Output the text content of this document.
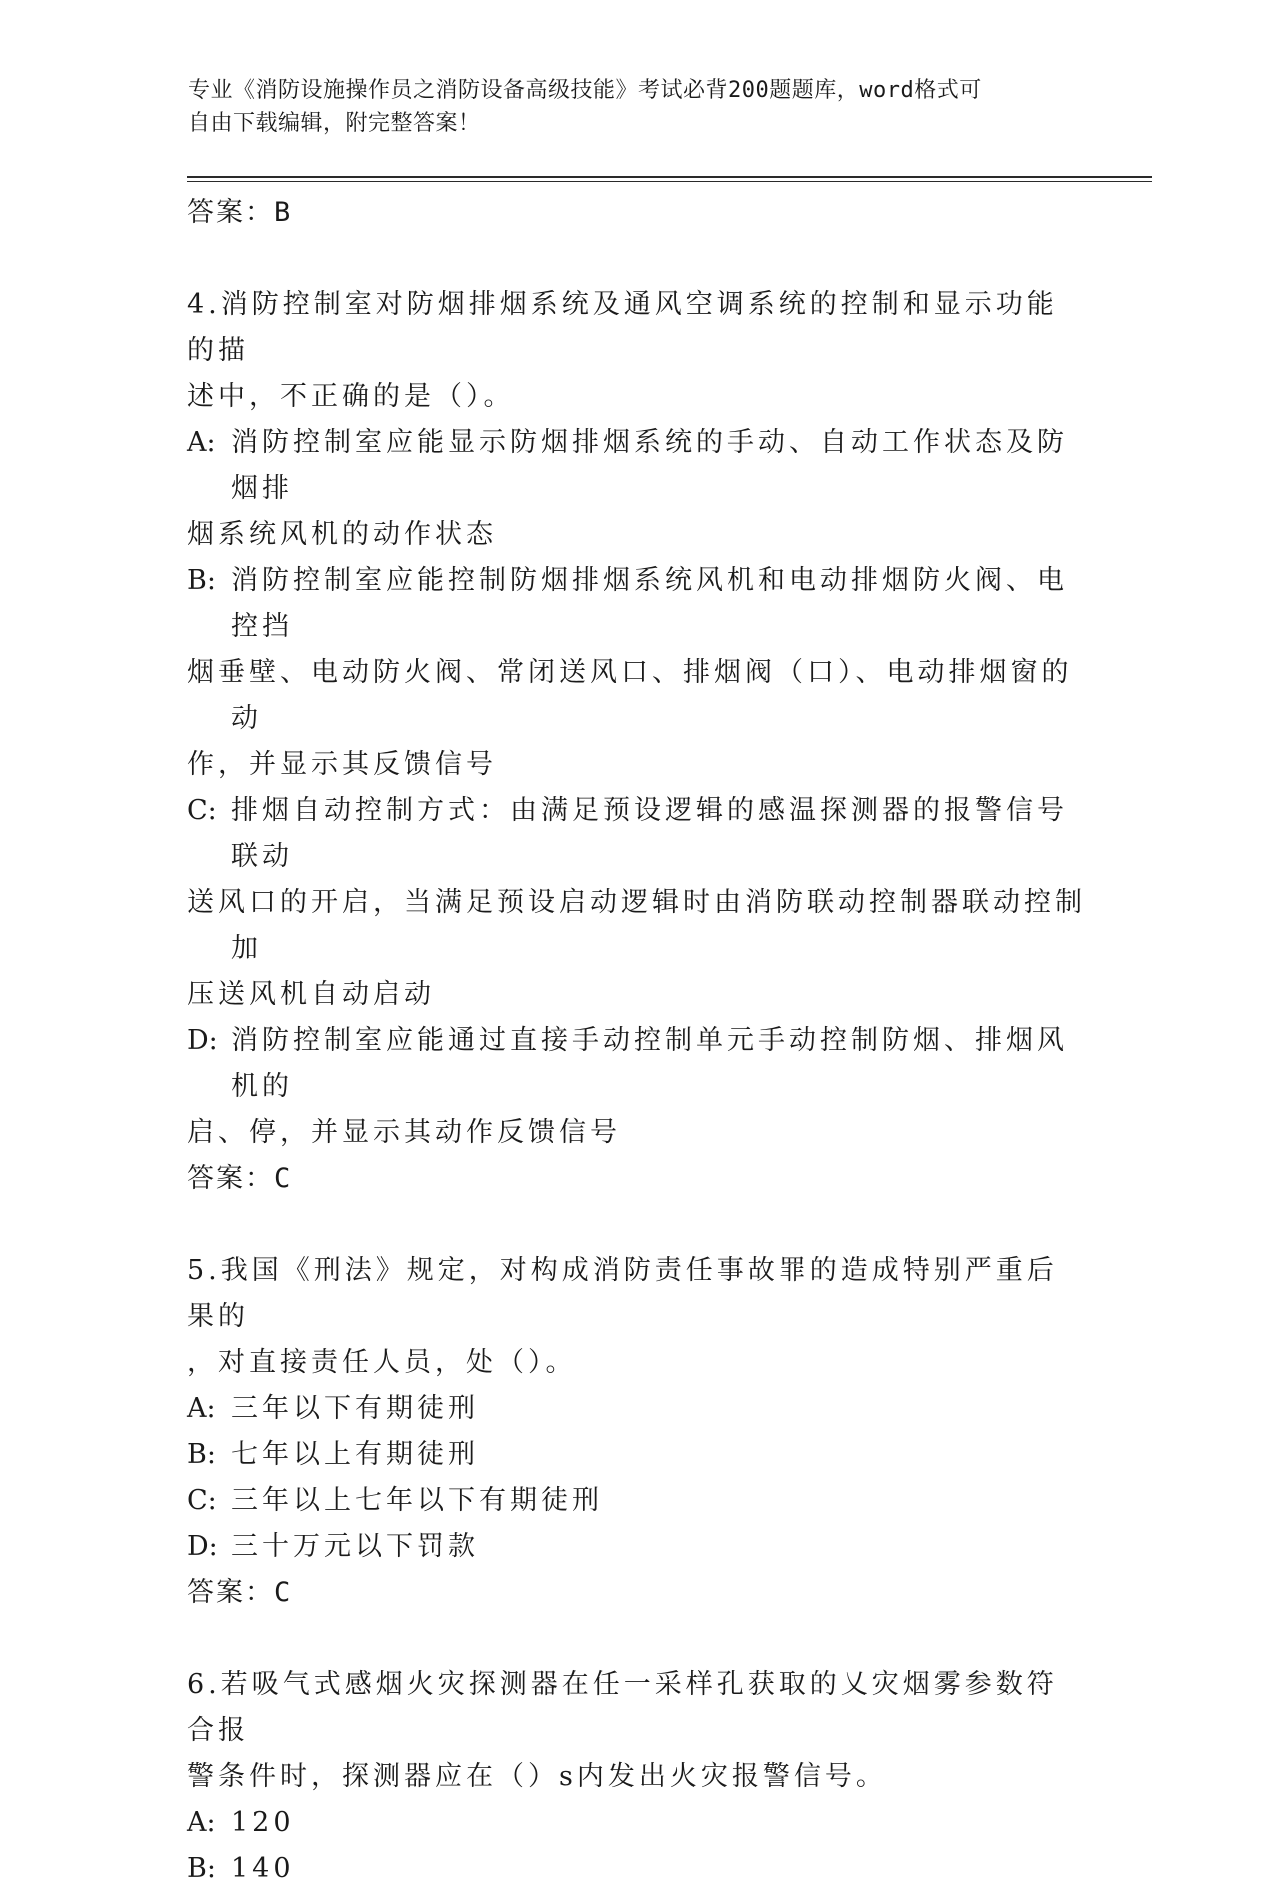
专业《消防设施操作员之消防设备高级技能》考试必背200题题库，word格式可
自由下载编辑，附完整答案！

答案：B

4.消防控制室对防烟排烟系统及通风空调系统的控制和显示功能的描
述中，不正确的是（）。

A: 消防控制室应能显示防烟排烟系统的手动、自动工作状态及防烟排
烟系统风机的动作状态
B: 消防控制室应能控制防烟排烟系统风机和电动排烟防火阀、电控挡
烟垂壁、电动防火阀、常闭送风口、排烟阀（口）、电动排烟窗的动
作，并显示其反馈信号
C: 排烟自动控制方式：由满足预设逻辑的感温探测器的报警信号联动
送风口的开启，当满足预设启动逻辑时由消防联动控制器联动控制加
压送风机自动启动
D: 消防控制室应能通过直接手动控制单元手动控制防烟、排烟风机的
启、停，并显示其动作反馈信号

答案：C

5.我国《刑法》规定，对构成消防责任事故罪的造成特别严重后果的
，对直接责任人员，处（）。

A: 三年以下有期徒刑
B: 七年以上有期徒刑
C: 三年以上七年以下有期徒刑
D: 三十万元以下罚款

答案：C

6.若吸气式感烟火灾探测器在任一采样孔获取的乂灾烟雾参数符合报
警条件时，探测器应在（）s内发出火灾报警信号。

A: 120
B: 140
